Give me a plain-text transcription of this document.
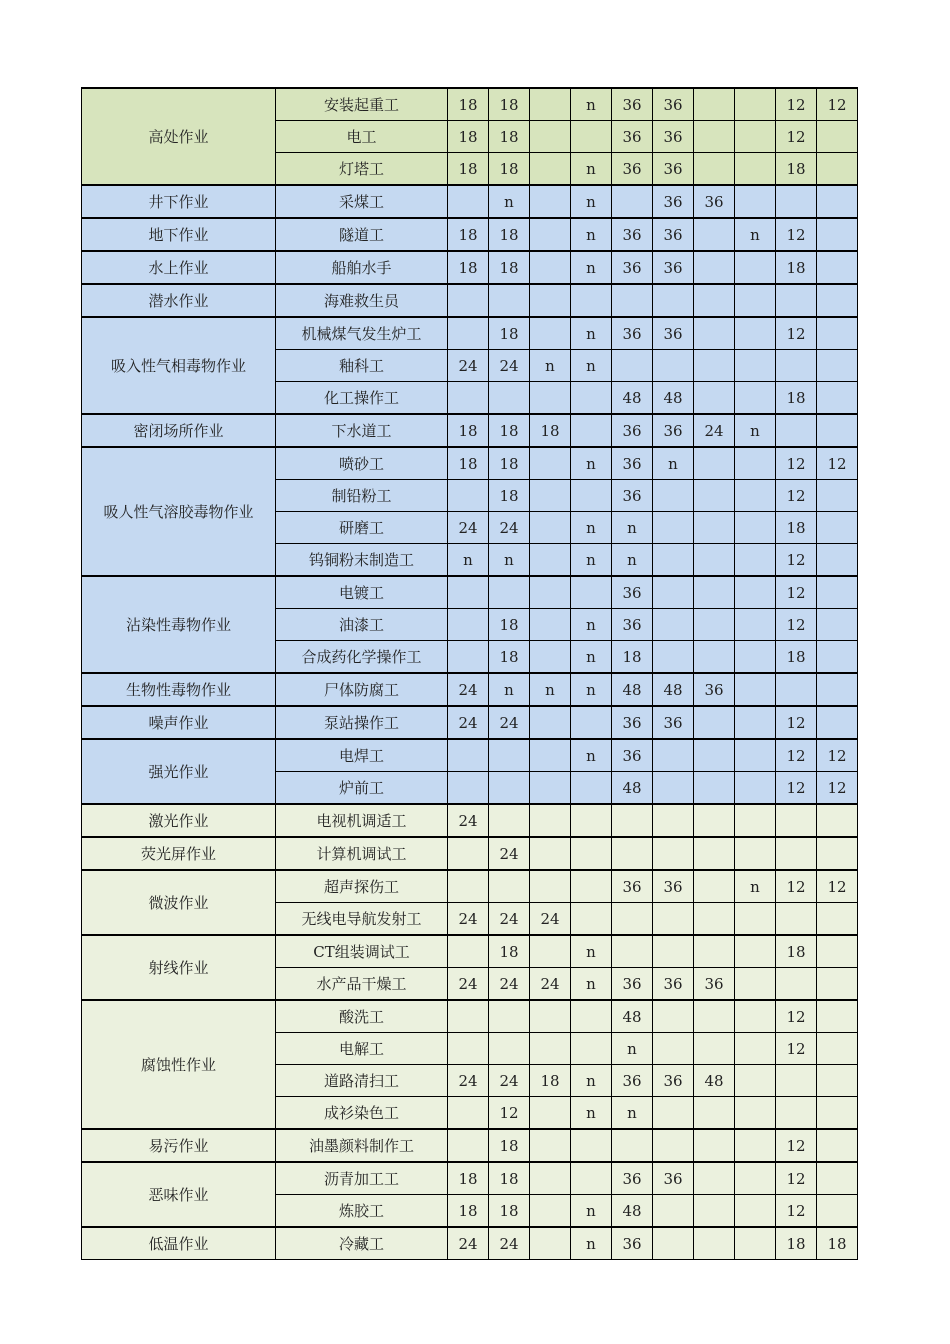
高处作业	安装起重工	18	18		n	36	36			12	12
	电工	18	18			36	36			12	
	灯塔工	18	18		n	36	36			18	
井下作业	采煤工		n		n		36	36			
地下作业	隧道工	18	18		n	36	36		n	12	
水上作业	船舶水手	18	18		n	36	36			18	
潜水作业	海难救生员										
吸入性气相毒物作业	机械煤气发生炉工		18		n	36	36			12	
	釉科工	24	24	n	n						
	化工操作工					48	48			18	
密闭场所作业	下水道工	18	18	18		36	36	24	n		
吸人性气溶胶毒物作业	喷砂工	18	18		n	36	n			12	12
	制铅粉工		18			36				12	
	研磨工	24	24		n	n				18	
	钨铜粉末制造工	n	n		n	n				12	
沾染性毒物作业	电镀工					36				12	
	油漆工		18		n	36				12	
	合成药化学操作工		18		n	18				18	
生物性毒物作业	尸体防腐工	24	n	n	n	48	48	36			
噪声作业	泵站操作工	24	24			36	36			12	
强光作业	电焊工				n	36				12	12
	炉前工					48				12	12
激光作业	电视机调适工	24									
荧光屏作业	计算机调试工		24								
微波作业	超声探伤工					36	36		n	12	12
	无线电导航发射工	24	24	24							
射线作业	CT组装调试工		18		n					18	
	水产品干燥工	24	24	24	n	36	36	36			
腐蚀性作业	酸洗工					48				12	
	电解工					n				12	
	道路清扫工	24	24	18	n	36	36	48			
	成衫染色工		12		n	n					
易污作业	油墨颜料制作工		18							12	
恶味作业	沥青加工工	18	18			36	36			12	
	炼胶工	18	18		n	48				12	
低温作业	冷藏工	24	24		n	36				18	18
